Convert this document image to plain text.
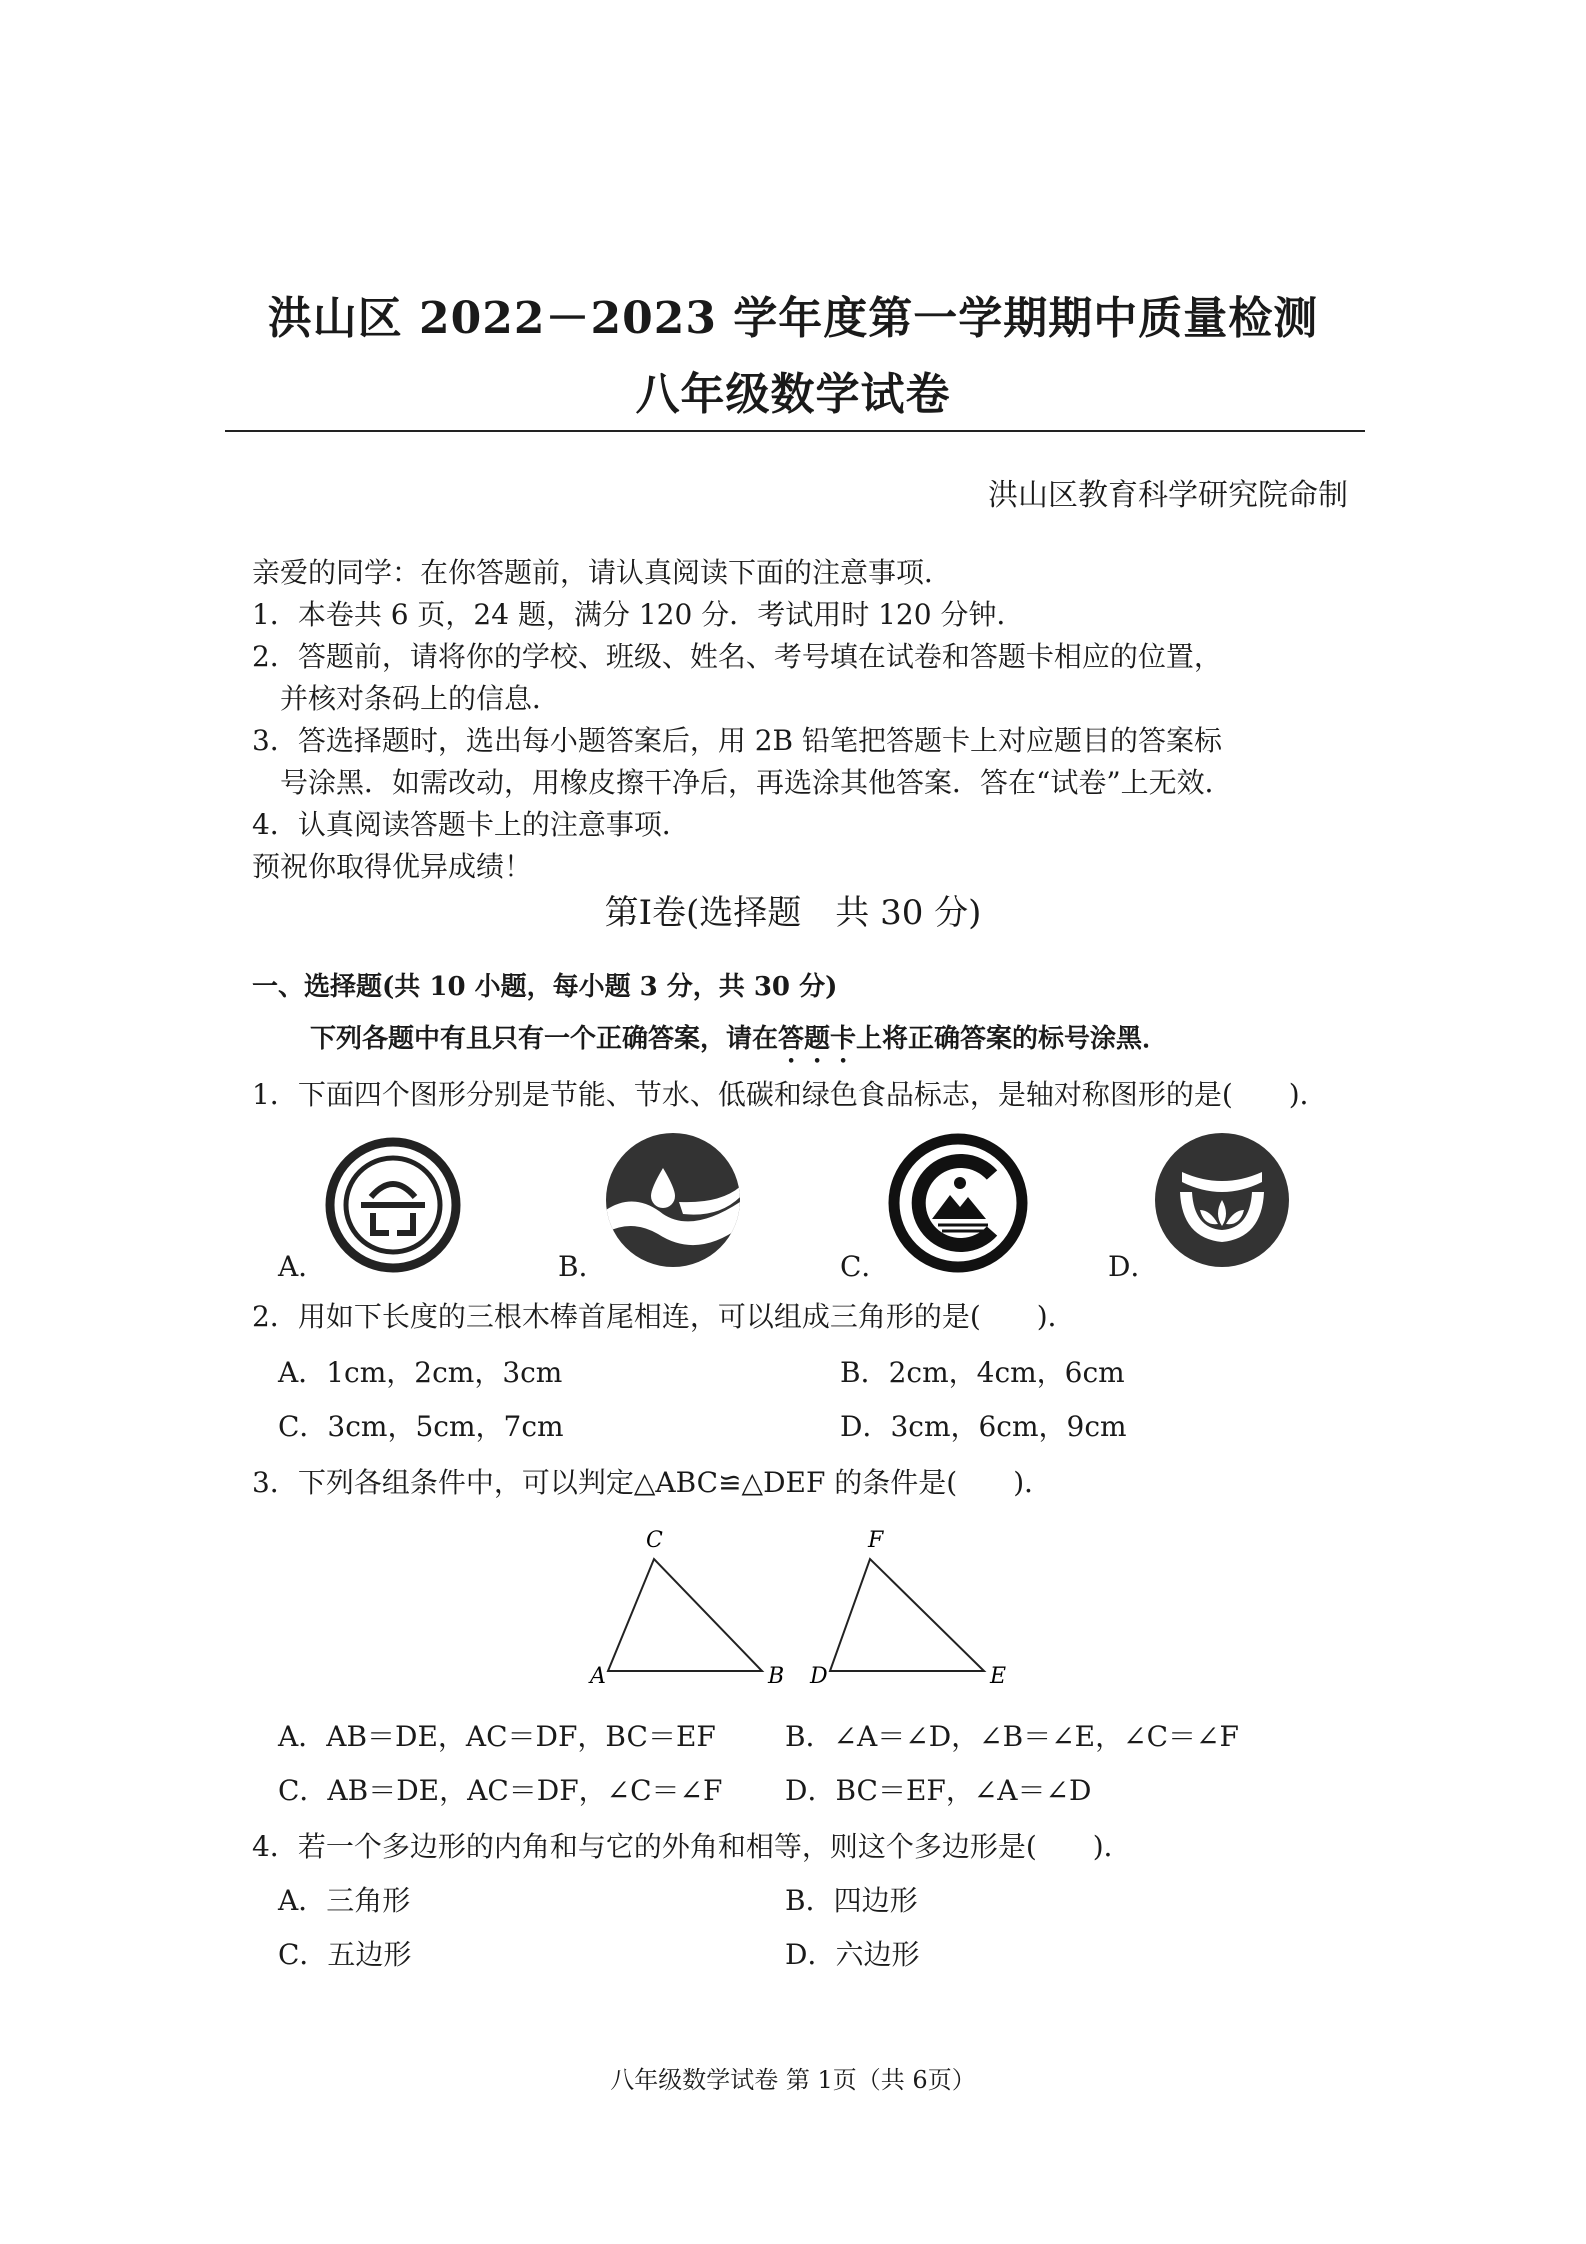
洪山区 2022－2023 学年度第一学期期中质量检测
八年级数学试卷
洪山区教育科学研究院命制
亲爱的同学：在你答题前，请认真阅读下面的注意事项．
1．本卷共 6 页，24 题，满分 120 分．考试用时 120 分钟．
2．答题前，请将你的学校、班级、姓名、考号填在试卷和答题卡相应的位置，
并核对条码上的信息．
3．答选择题时，选出每小题答案后，用 2B 铅笔把答题卡上对应题目的答案标
号涂黑．如需改动，用橡皮擦干净后，再选涂其他答案．答在“试卷”上无效．
4．认真阅读答题卡上的注意事项．
预祝你取得优异成绩！
第Ⅰ卷(选择题　共 30 分)
一、选择题(共 10 小题，每小题 3 分，共 30 分)
下列各题中有且只有一个正确答案，请在答题卡上将正确答案的标号涂黑．
1．下面四个图形分别是节能、节水、低碳和绿色食品标志，是轴对称图形的是(　　)．
A．	B．	C．	D．
2．用如下长度的三根木棒首尾相连，可以组成三角形的是(　　)．
A．1cm，2cm，3cm	B．2cm，4cm，6cm
C．3cm，5cm，7cm	D．3cm，6cm，9cm
3．下列各组条件中，可以判定△ABC≌△DEF 的条件是(　　)．
A
C
B D
F
E
A．AB＝DE，AC＝DF，BC＝EF B．∠A＝∠D，∠B＝∠E，∠C＝∠F
C．AB＝DE，AC＝DF，∠C＝∠F D．BC＝EF，∠A＝∠D
4．若一个多边形的内角和与它的外角和相等，则这个多边形是(　　)．
A．三角形	B．四边形
C．五边形	D．六边形
八年级数学试卷 第 1页（共 6页）
